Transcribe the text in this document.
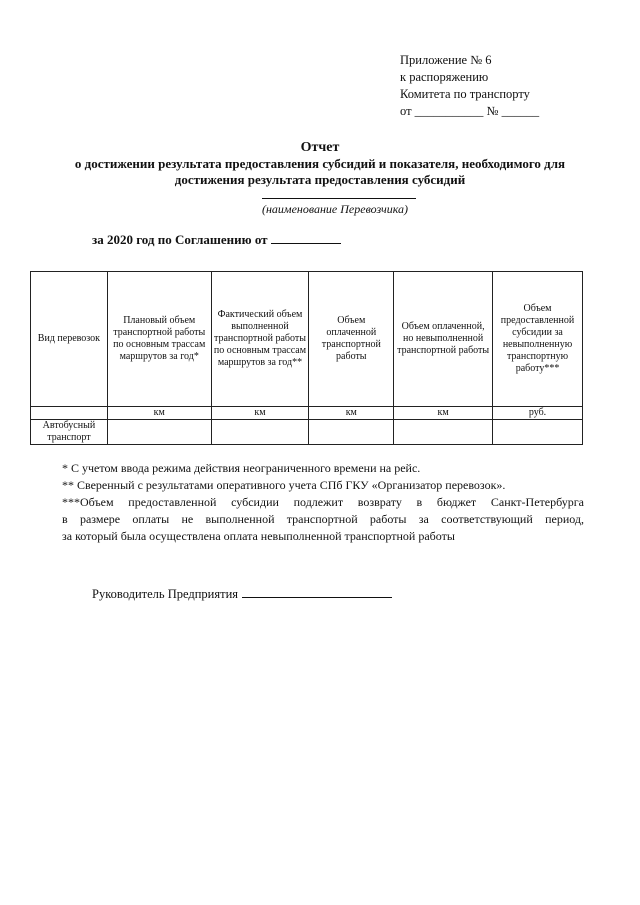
Приложение № 6
к распоряжению
Комитета по транспорту
от ___________ № ______
Отчет
о достижении результата предоставления субсидий и показателя, необходимого для
достижения результата предоставления субсидий
(наименование Перевозчика)
за 2020 год по Соглашению от
Вид перевозок	Плановый объем транспортной работы по основным трассам маршрутов за год*	Фактический объем выполненной транспортной работы по основным трассам маршрутов за год**	Объем оплаченной транспортной работы	Объем оплаченной, но невыполненной транспортной работы	Объем предоставленной субсидии за невыполненную транспортную работу***
	км	км	км	км	руб.
Автобусный транспорт					

* С учетом ввода режима действия неограниченного времени на рейс.

** Сверенный с результатами оперативного учета СПб ГКУ «Организатор перевозок».

***Объем предоставленной субсидии подлежит возврату в бюджет Санкт-Петербурга

в размере оплаты не выполненной транспортной работы за соответствующий период,

за который была осуществлена оплата невыполненной транспортной работы

Руководитель Предприятия
